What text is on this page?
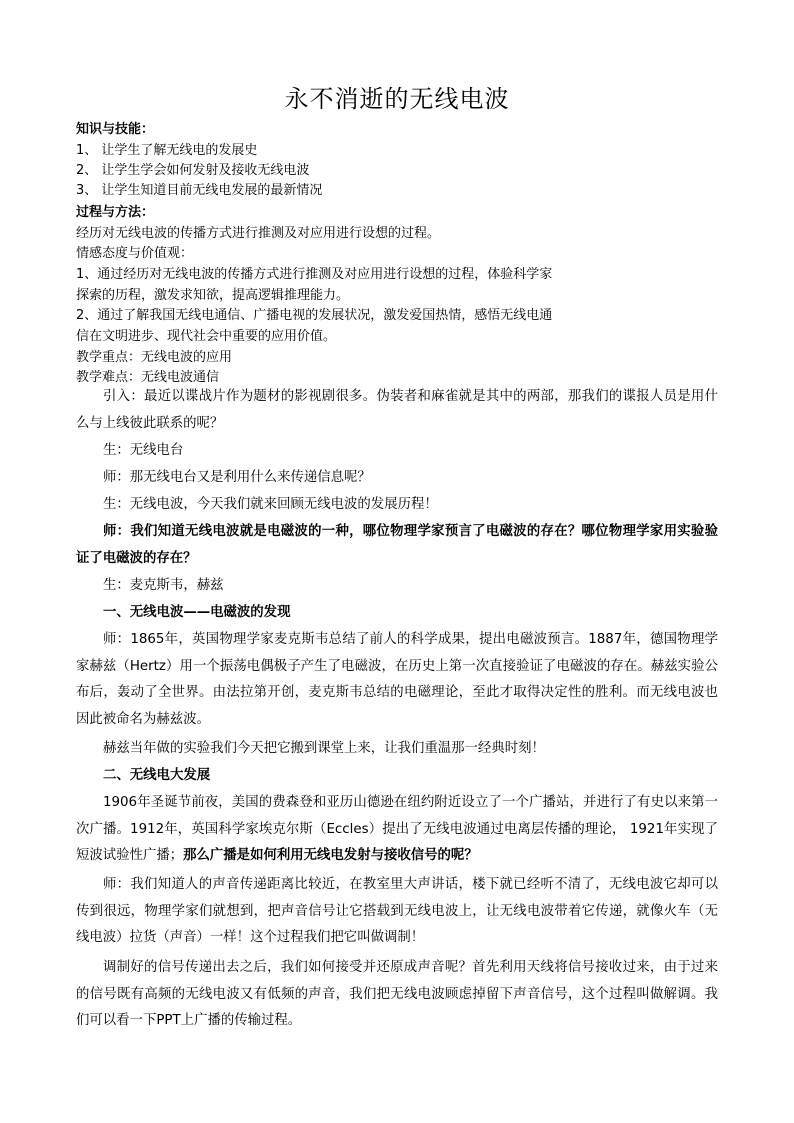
永不消逝的无线电波
知识与技能：
1、 让学生了解无线电的发展史
2、 让学生学会如何发射及接收无线电波
3、 让学生知道目前无线电发展的最新情况
过程与方法：
经历对无线电波的传播方式进行推测及对应用进行设想的过程。
情感态度与价值观：
1、通过经历对无线电波的传播方式进行推测及对应用进行设想的过程，体验科学家
探索的历程，激发求知欲，提高逻辑推理能力。
2、通过了解我国无线电通信、广播电视的发展状况，激发爱国热情，感悟无线电通
信在文明进步、现代社会中重要的应用价值。
教学重点：无线电波的应用
教学难点：无线电波通信
引入：最近以谍战片作为题材的影视剧很多。伪装者和麻雀就是其中的两部，那我们的谍报人员是用什么与上线彼此联系的呢？
生：无线电台
师：那无线电台又是利用什么来传递信息呢？
生：无线电波，今天我们就来回顾无线电波的发展历程！
师：我们知道无线电波就是电磁波的一种，哪位物理学家预言了电磁波的存在？哪位物理学家用实验验证了电磁波的存在？
生：麦克斯韦，赫兹
一、无线电波——电磁波的发现
师：1865年，英国物理学家麦克斯韦总结了前人的科学成果，提出电磁波预言。1887年，德国物理学家赫兹（Hertz）用一个振荡电偶极子产生了电磁波，在历史上第一次直接验证了电磁波的存在。赫兹实验公布后，轰动了全世界。由法拉第开创，麦克斯韦总结的电磁理论，至此才取得决定性的胜利。而无线电波也因此被命名为赫兹波。
赫兹当年做的实验我们今天把它搬到课堂上来，让我们重温那一经典时刻！
二、无线电大发展
1906年圣诞节前夜，美国的费森登和亚历山德逊在纽约附近设立了一个广播站，并进行了有史以来第一次广播。1912年，英国科学家埃克尔斯（Eccles）提出了无线电波通过电离层传播的理论， 1921年实现了短波试验性广播；那么广播是如何利用无线电发射与接收信号的呢？
师：我们知道人的声音传递距离比较近，在教室里大声讲话，楼下就已经听不清了，无线电波它却可以传到很远，物理学家们就想到，把声音信号让它搭载到无线电波上，让无线电波带着它传递，就像火车（无线电波）拉货（声音）一样！这个过程我们把它叫做调制！
调制好的信号传递出去之后，我们如何接受并还原成声音呢？首先利用天线将信号接收过来，由于过来的信号既有高频的无线电波又有低频的声音，我们把无线电波顾虑掉留下声音信号，这个过程叫做解调。我们可以看一下PPT上广播的传输过程。
